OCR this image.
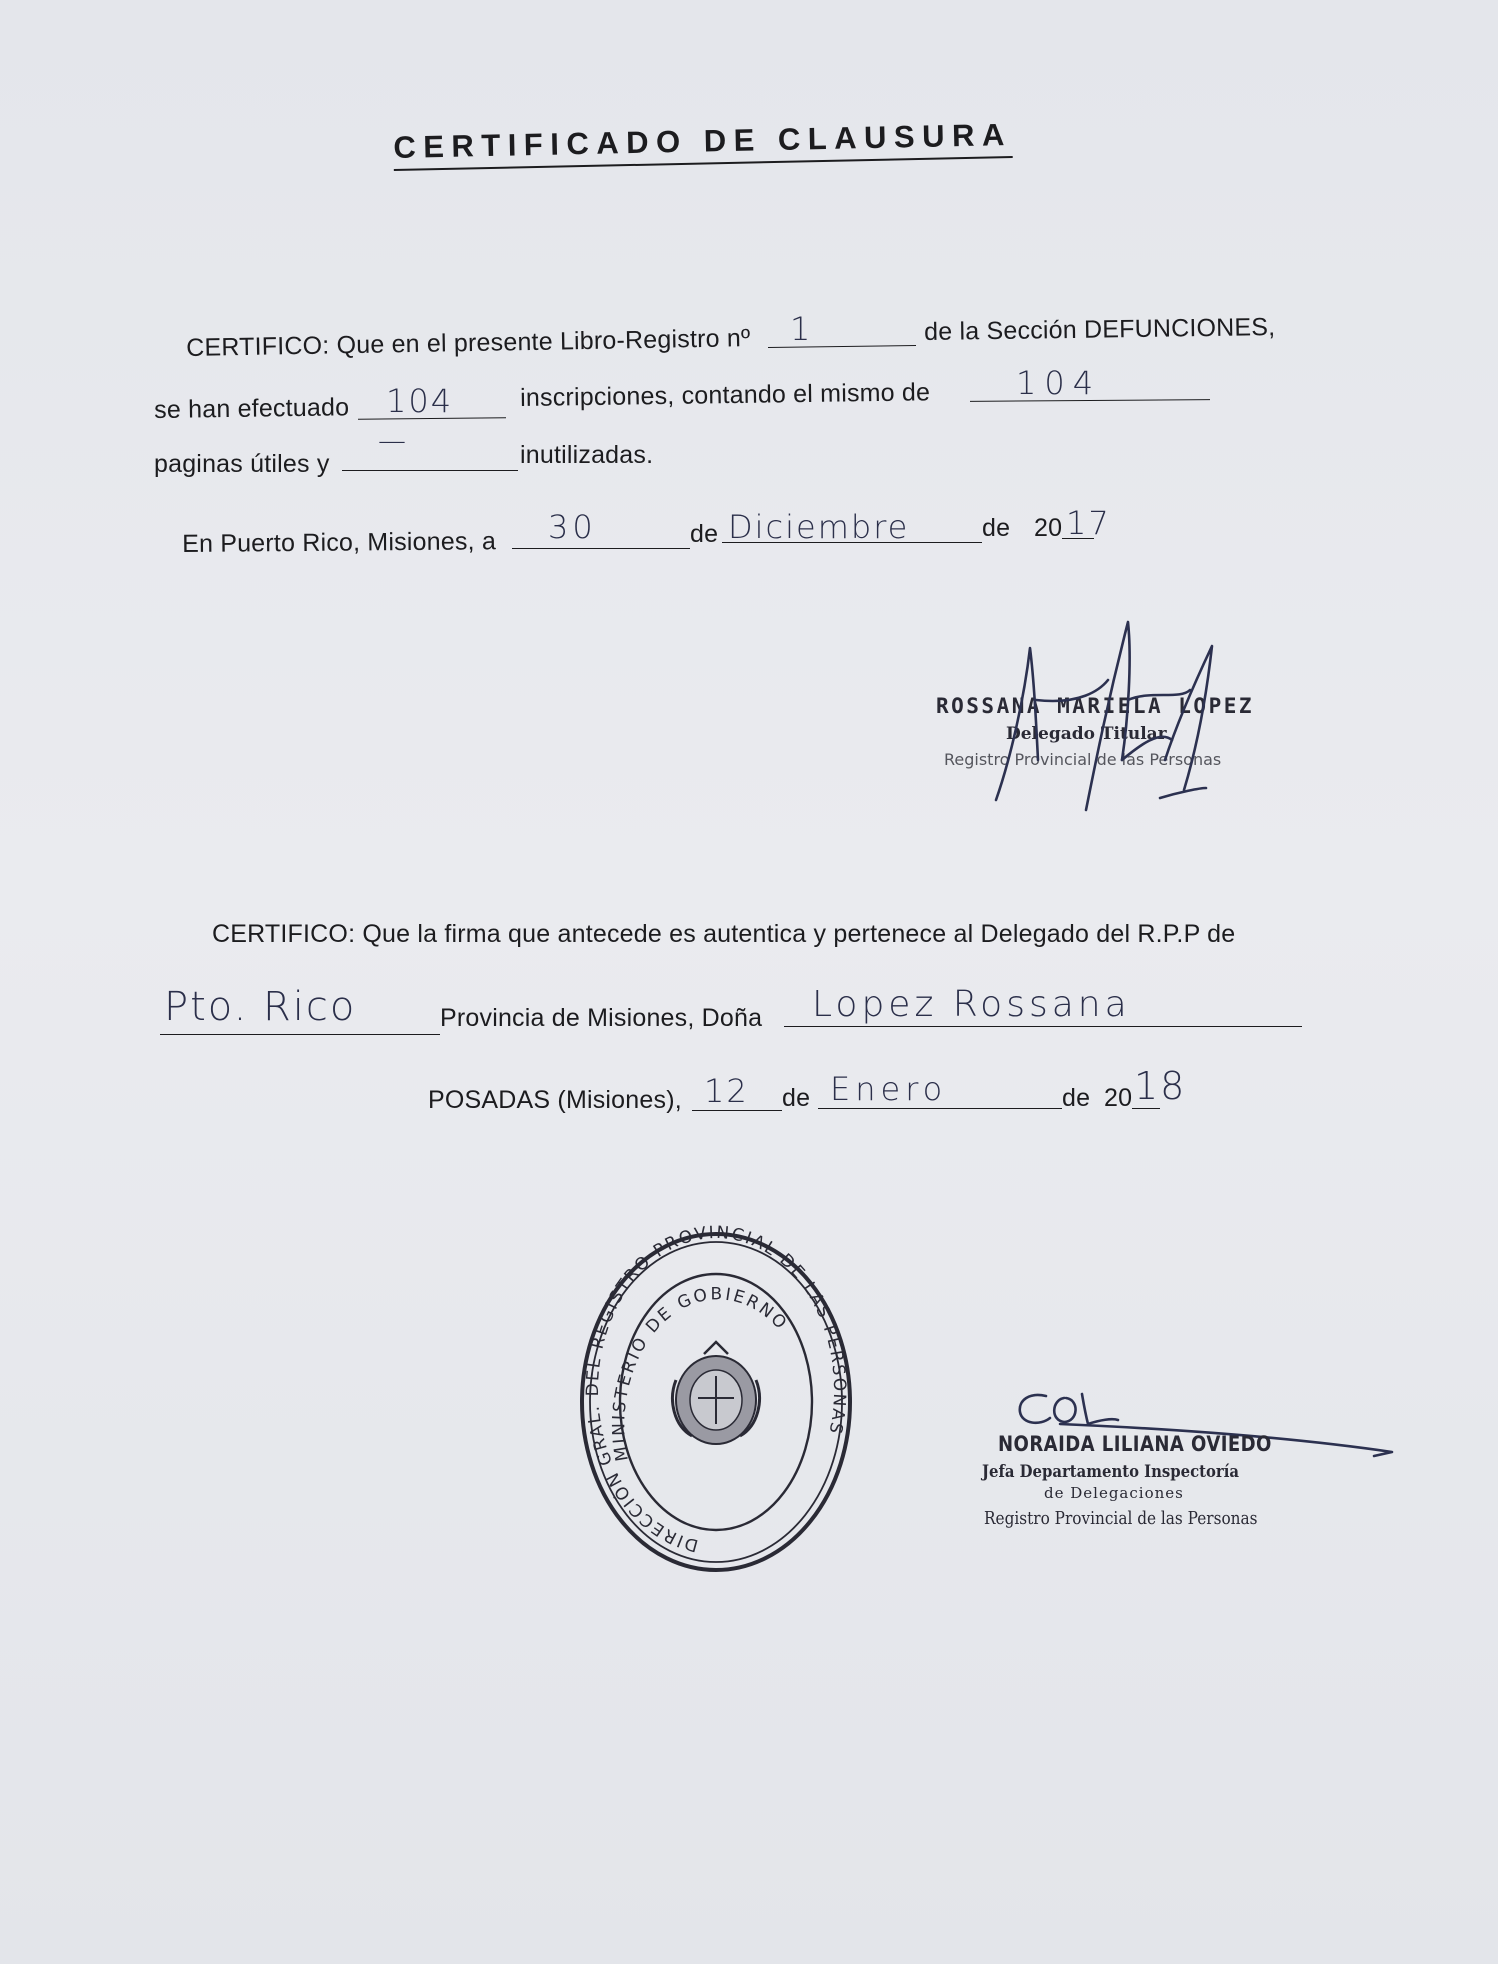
CERTIFICADO DE CLAUSURA
CERTIFICO: Que en el presente Libro-Registro nº 1	de la Sección DEFUNCIONES,
se han efectuado 104	inscripciones, contando el mismo de	104
paginas útiles y
—	inutilizadas.
En Puerto Rico, Misiones, a 30	de Diciembre	de 20 17
ROSSANA MARIELA LOPEZ
Delegado Titular
Registro Provincial de las Personas
CERTIFICO: Que la firma que antecede es autentica y pertenece al Delegado del R.P.P de
Pto. Rico	Provincia de Misiones, Doña Lopez Rossana
POSADAS (Misiones), 12 de Enero	de 20 18
DIRECCIÓN GRAL. DEL REGISTRO PROVINCIAL DE LAS PERSONAS
MINISTERIO DE GOBIERNO
NORAIDA LILIANA OVIEDO
Jefa Departamento Inspectoría
de Delegaciones
Registro Provincial de las Personas
